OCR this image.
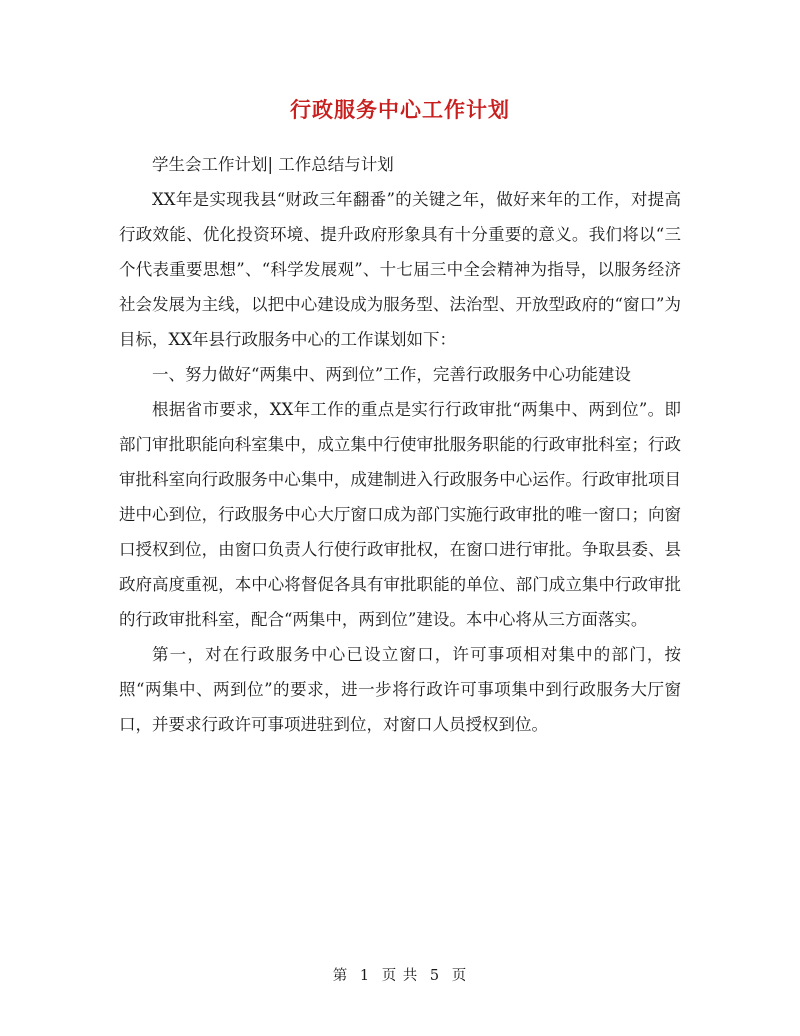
行政服务中心工作计划

学生会工作计划| 工作总结与计划

XX年是实现我县“财政三年翻番”的关键之年，做好来年的工作，对提高行政效能、优化投资环境、提升政府形象具有十分重要的意义。我们将以“三个代表重要思想”、“科学发展观”、十七届三中全会精神为指导，以服务经济社会发展为主线，以把中心建设成为服务型、法治型、开放型政府的“窗口”为目标，XX年县行政服务中心的工作谋划如下：

一、努力做好“两集中、两到位”工作，完善行政服务中心功能建设

根据省市要求，XX年工作的重点是实行行政审批“两集中、两到位”。即部门审批职能向科室集中，成立集中行使审批服务职能的行政审批科室；行政审批科室向行政服务中心集中，成建制进入行政服务中心运作。行政审批项目进中心到位，行政服务中心大厅窗口成为部门实施行政审批的唯一窗口；向窗口授权到位，由窗口负责人行使行政审批权，在窗口进行审批。争取县委、县政府高度重视，本中心将督促各具有审批职能的单位、部门成立集中行政审批的行政审批科室，配合“两集中，两到位”建设。本中心将从三方面落实。

第一，对在行政服务中心已设立窗口，许可事项相对集中的部门，按照“两集中、两到位”的要求，进一步将行政许可事项集中到行政服务大厅窗口，并要求行政许可事项进驻到位，对窗口人员授权到位。

第 1 页 共 5 页
